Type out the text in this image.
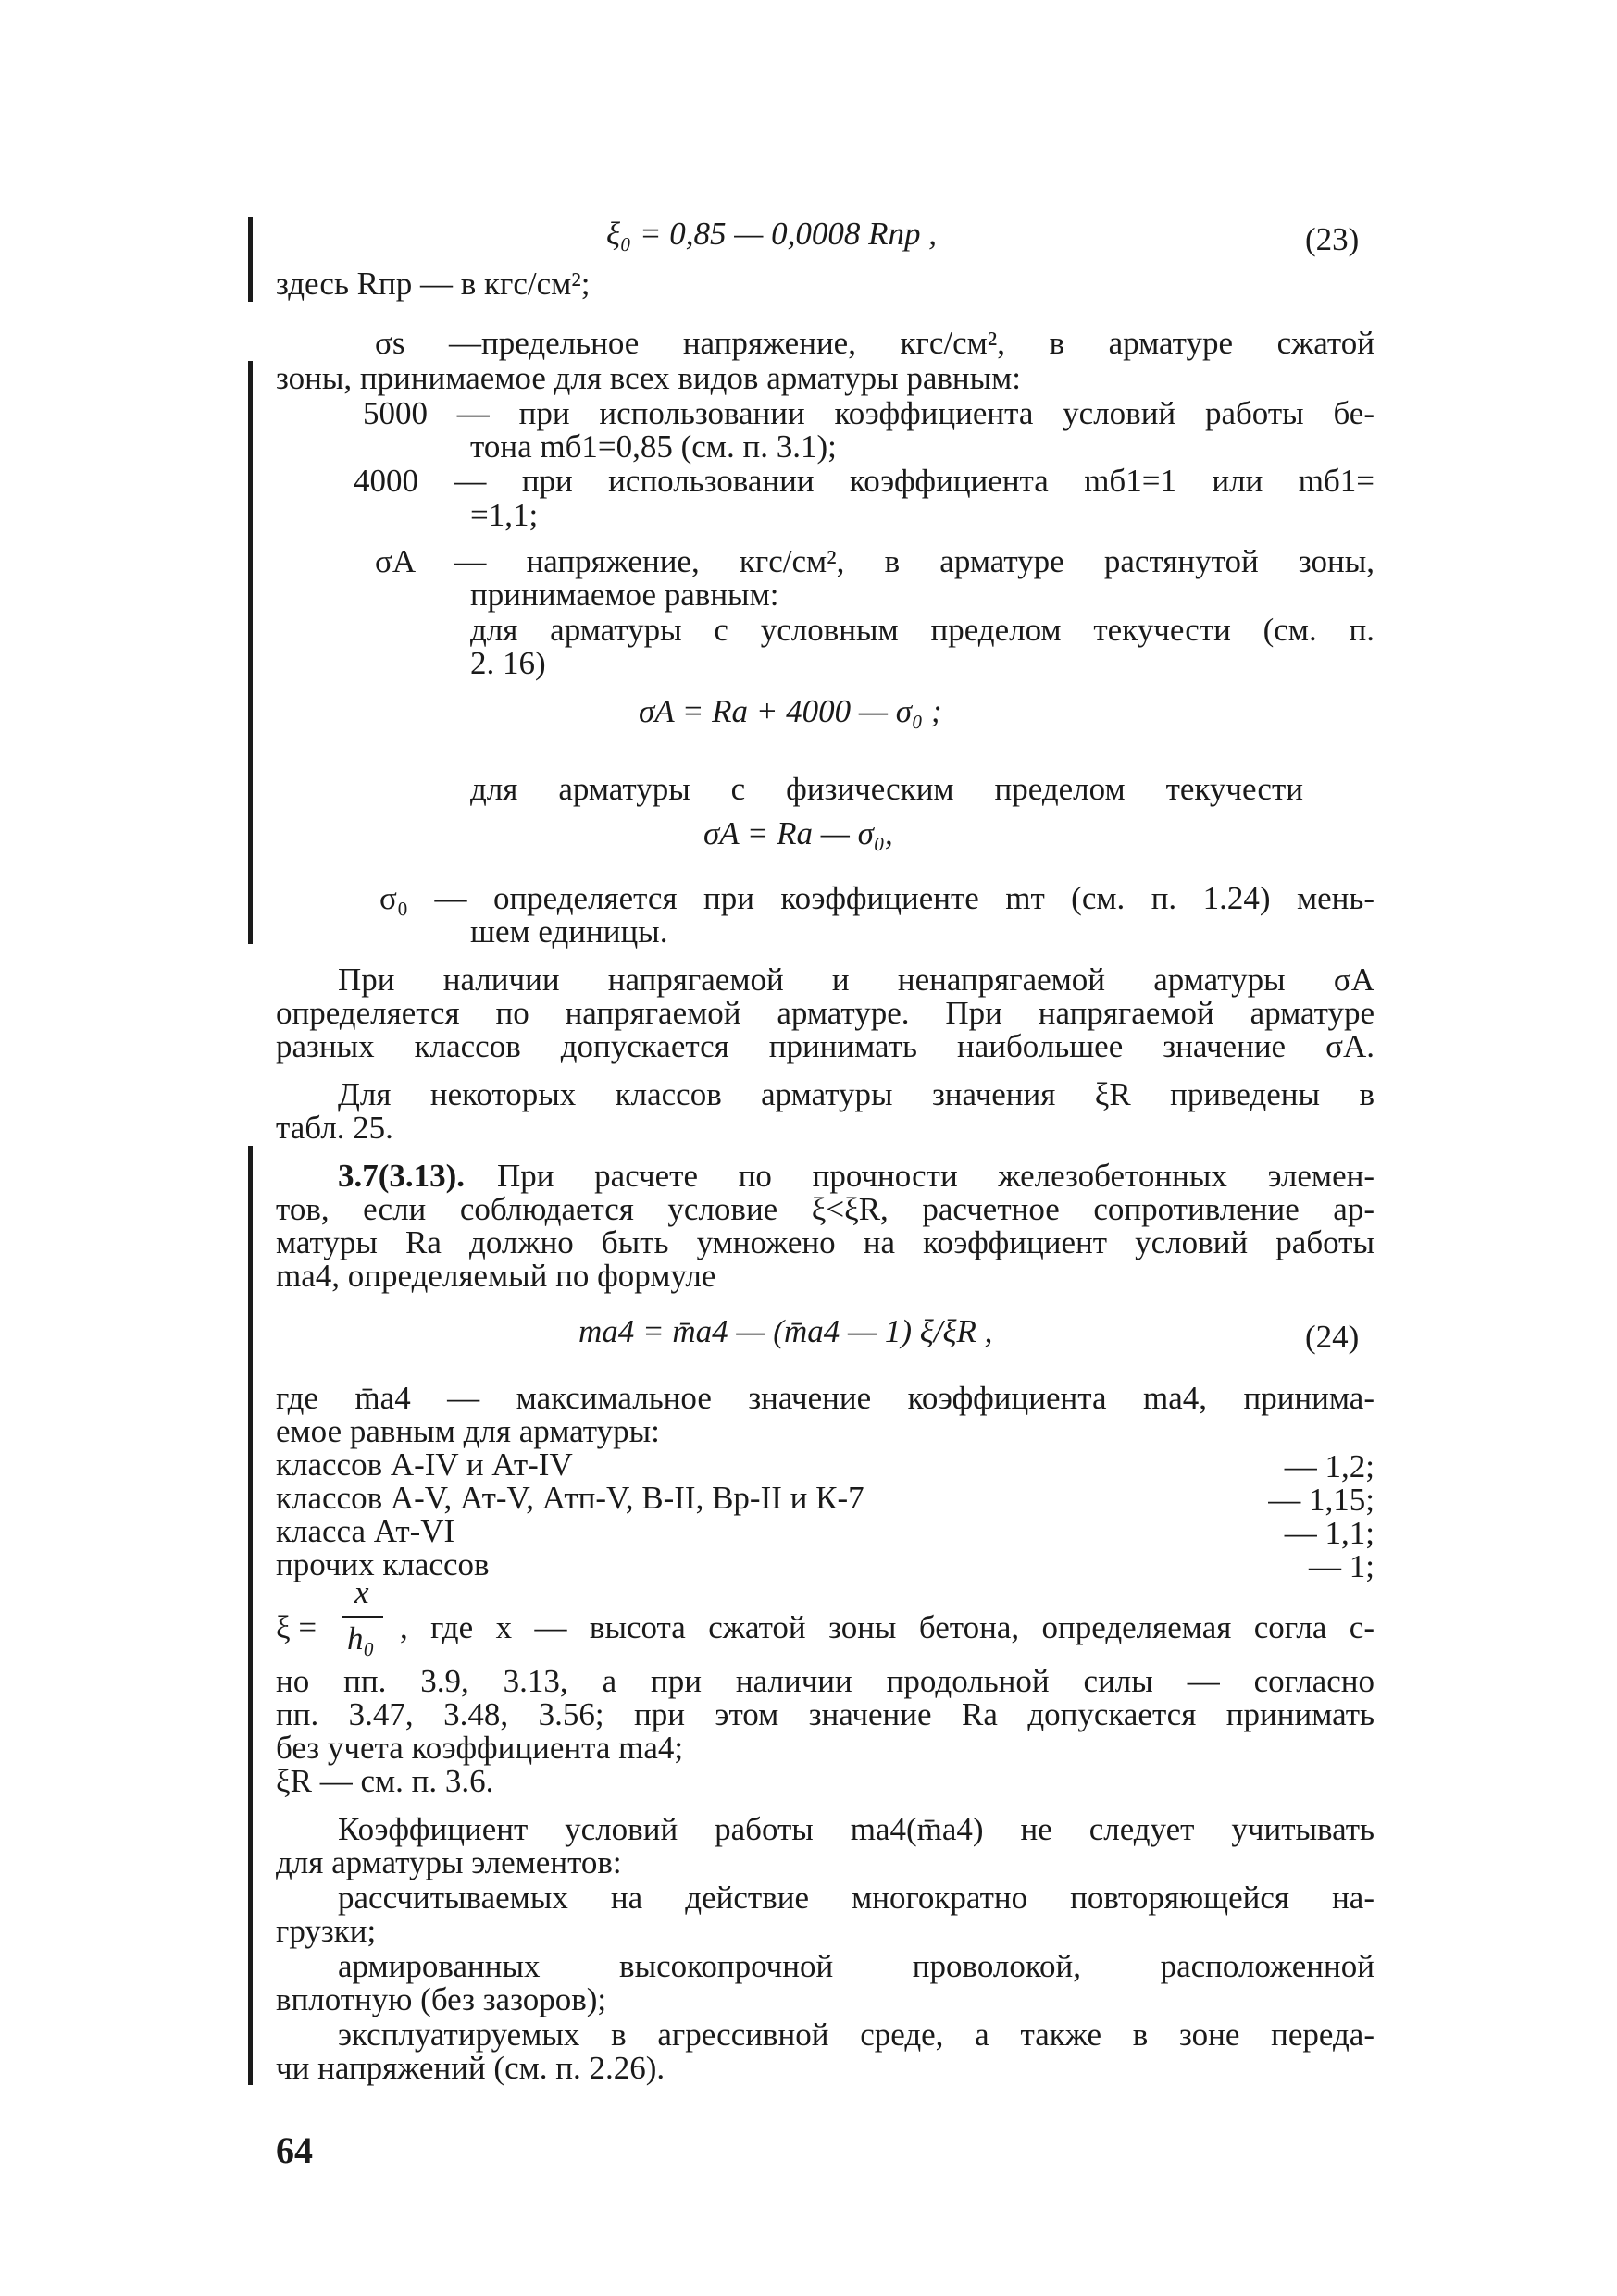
ξ₀ = 0,85 — 0,0008 Rпр ,	(23)
здесь Rпр — в кгс/см²;
σs —предельное напряжение, кгс/см², в арматуре сжатой
зоны, принимаемое для всех видов арматуры равным:
5000 — при использовании коэффициента условий работы бе-
тона mб1=0,85 (см. п. 3.1);
4000 — при использовании коэффициента mб1=1 или mб1=
=1,1;
σA — напряжение, кгс/см², в арматуре растянутой зоны,
принимаемое равным:
для арматуры с условным пределом текучести (см. п.
2. 16)
σA = Rа + 4000 — σ₀ ;
для арматуры с физическим пределом текучести
σA = Rа — σ₀,
σ₀ — определяется при коэффициенте mт (см. п. 1.24) мень-
шем единицы.
При наличии напрягаемой и ненапрягаемой арматуры σA
определяется по напрягаемой арматуре. При напрягаемой арматуре
разных классов допускается принимать наибольшее значение σA.
Для некоторых классов арматуры значения ξR приведены в
табл. 25.
3.7(3.13). При расчете по прочности железобетонных элемен-
тов, если соблюдается условие ξ<ξR, расчетное сопротивление ар-
матуры Rа должно быть умножено на коэффициент условий работы
mа4, определяемый по формуле
mа4 = m̄а4 — (m̄а4 — 1) ξ/ξR ,	(24)
где m̄а4 — максимальное значение коэффициента mа4, принима-
емое равным для арматуры:
классов А-IV и Ат-IV	— 1,2;
классов А-V, Ат-V, Атп-V, В-II, Вр-II и К-7	— 1,15;
класса Ат-VI	— 1,1;
прочих классов	— 1;
ξ =
x
h₀ , где x — высота сжатой зоны бетона, определяемая согла с-
но пп. 3.9, 3.13, а при наличии продольной силы — согласно
пп. 3.47, 3.48, 3.56; при этом значение Rа допускается принимать
без учета коэффициента mа4;
ξR — см. п. 3.6.
Коэффициент условий работы mа4(m̄а4) не следует учитывать
для арматуры элементов:
рассчитываемых на действие многократно повторяющейся на-
грузки;
армированных высокопрочной проволокой, расположенной
вплотную (без зазоров);
эксплуатируемых в агрессивной среде, а также в зоне переда-
чи напряжений (см. п. 2.26).
64
